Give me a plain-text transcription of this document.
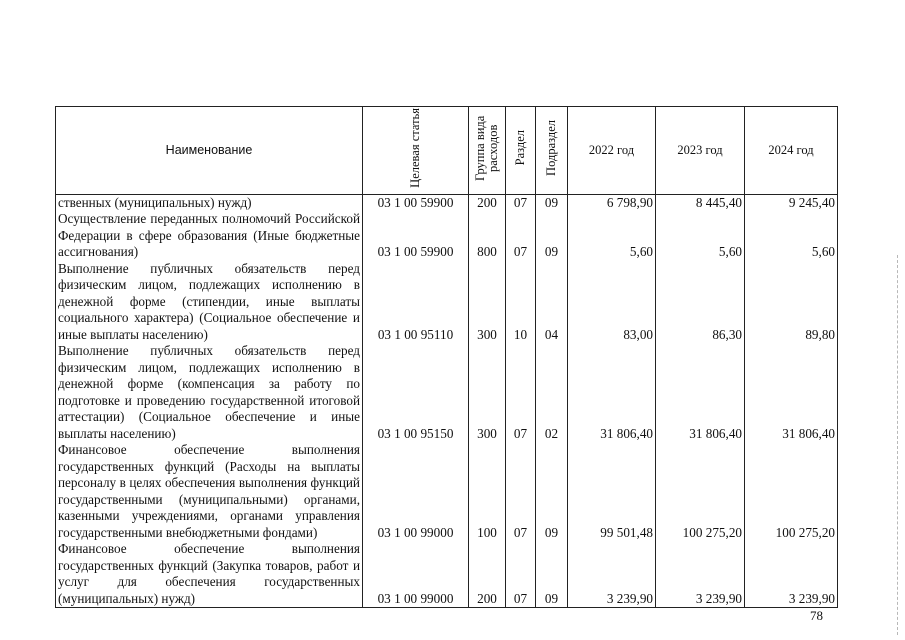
Наименование	Целевая статья	Группа вида расходов	Раздел	Подраздел	2022 год	2023 год	2024 год
ственных (муниципальных) нужд)	03 1 00 59900	200	07	09	6 798,90	8 445,40	9 245,40
Осуществление переданных полномочий Российской Федерации в сфере образования (Иные бюджетные ассигнования)	03 1 00 59900	800	07	09	5,60	5,60	5,60
Выполнение публичных обязательств перед физическим лицом, подлежащих исполнению в денежной форме (стипендии, иные выплаты социального характера) (Социальное обеспечение и иные выплаты населению)	03 1 00 95110	300	10	04	83,00	86,30	89,80
Выполнение публичных обязательств перед физическим лицом, подлежащих исполнению в денежной форме (компенсация за работу по подготовке и проведению государственной итоговой аттестации) (Социальное обеспечение и иные выплаты населению)	03 1 00 95150	300	07	02	31 806,40	31 806,40	31 806,40
Финансовое обеспечение выполнения государственных функций (Расходы на выплаты персоналу в целях обеспечения выполнения функций государственными (муниципальными) органами, казенными учреждениями, органами управления государственными внебюджетными фондами)	03 1 00 99000	100	07	09	99 501,48	100 275,20	100 275,20
Финансовое обеспечение выполнения государственных функций (Закупка товаров, работ и услуг для обеспечения государственных (муниципальных) нужд)	03 1 00 99000	200	07	09	3 239,90	3 239,90	3 239,90
78
